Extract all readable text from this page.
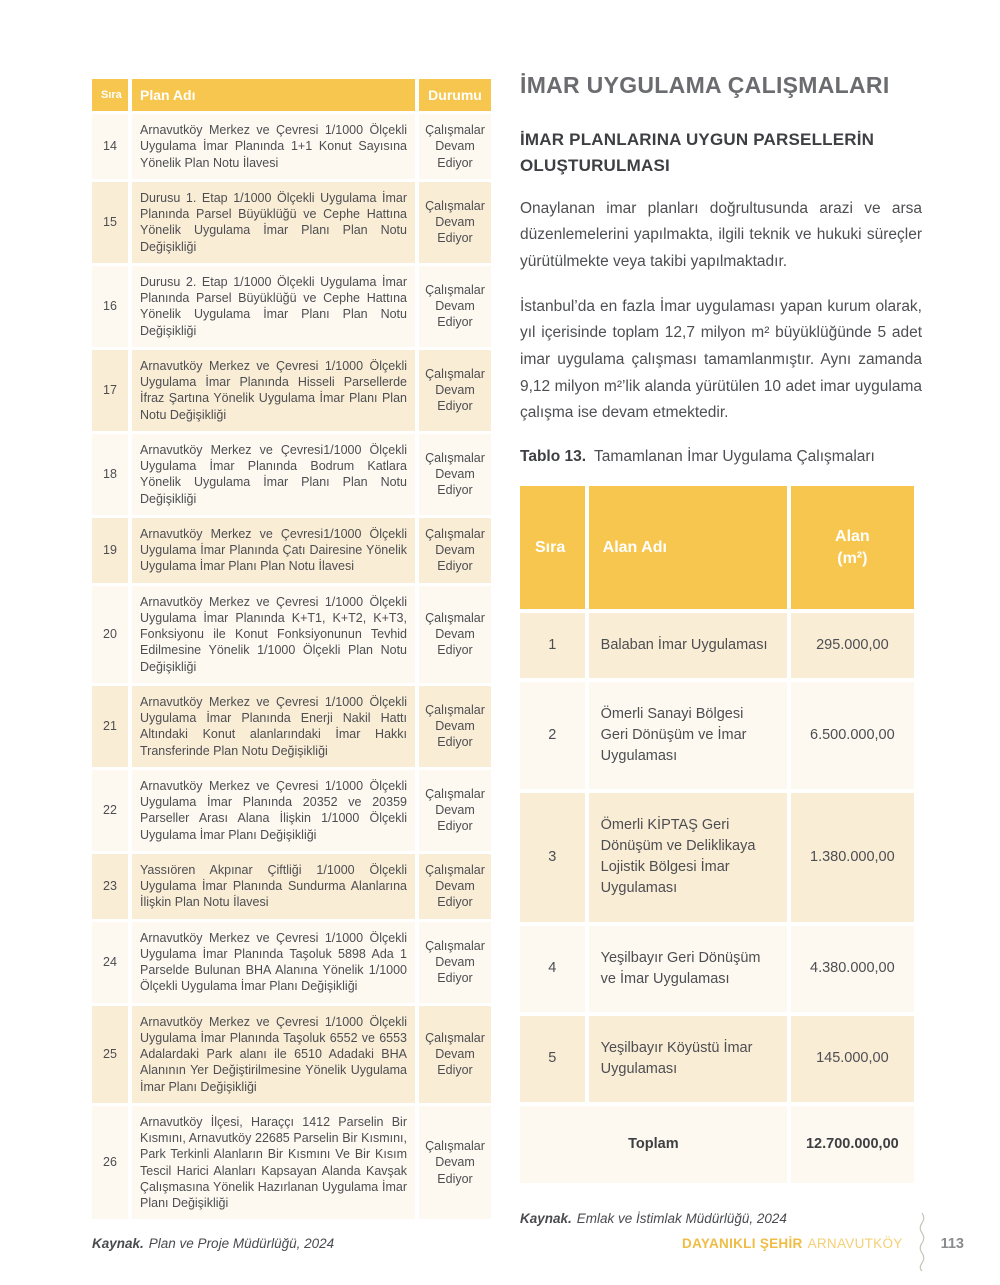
Sıra	Plan Adı	Durumu
14	Arnavutköy Merkez ve Çevresi 1/1000 Ölçekli Uygulama İmar Planında 1+1 Konut Sayısına Yönelik Plan Notu İlavesi	Çalışmalar Devam Ediyor
15	Durusu 1. Etap 1/1000 Ölçekli Uygulama İmar Planında Parsel Büyüklüğü ve Cephe Hattına Yönelik Uygulama İmar Planı Plan Notu Değişikliği	Çalışmalar Devam Ediyor
16	Durusu 2. Etap 1/1000 Ölçekli Uygulama İmar Planında Parsel Büyüklüğü ve Cephe Hattına Yönelik Uygulama İmar Planı Plan Notu Değişikliği	Çalışmalar Devam Ediyor
17	Arnavutköy Merkez ve Çevresi 1/1000 Ölçekli Uygulama İmar Planında Hisseli Parsellerde İfraz Şartına Yönelik Uygulama İmar Planı Plan Notu Değişikliği	Çalışmalar Devam Ediyor
18	Arnavutköy Merkez ve Çevresi1/1000 Ölçekli Uygulama İmar Planında Bodrum Katlara Yönelik Uygulama İmar Planı Plan Notu Değişikliği	Çalışmalar Devam Ediyor
19	Arnavutköy Merkez ve Çevresi1/1000 Ölçekli Uygulama İmar Planında Çatı Dairesine Yönelik Uygulama İmar Planı Plan Notu İlavesi	Çalışmalar Devam Ediyor
20	Arnavutköy Merkez ve Çevresi 1/1000 Ölçekli Uygulama İmar Planında K+T1, K+T2, K+T3, Fonksiyonu ile Konut Fonksiyonunun Tevhid Edilmesine Yönelik 1/1000 Ölçekli Plan Notu Değişikliği	Çalışmalar Devam Ediyor
21	Arnavutköy Merkez ve Çevresi 1/1000 Ölçekli Uygulama İmar Planında Enerji Nakil Hattı Altındaki Konut alanlarındaki İmar Hakkı Transferinde Plan Notu Değişikliği	Çalışmalar Devam Ediyor
22	Arnavutköy Merkez ve Çevresi 1/1000 Ölçekli Uygulama İmar Planında 20352 ve 20359 Parseller Arası Alana İlişkin 1/1000 Ölçekli Uygulama İmar Planı Değişikliği	Çalışmalar Devam Ediyor
23	Yassıören Akpınar Çiftliği 1/1000 Ölçekli Uygulama İmar Planında Sundurma Alanlarına İlişkin Plan Notu İlavesi	Çalışmalar Devam Ediyor
24	Arnavutköy Merkez ve Çevresi 1/1000 Ölçekli Uygulama İmar Planında Taşoluk 5898 Ada 1 Parselde Bulunan BHA Alanına Yönelik 1/1000 Ölçekli Uygulama İmar Planı Değişikliği	Çalışmalar Devam Ediyor
25	Arnavutköy Merkez ve Çevresi 1/1000 Ölçekli Uygulama İmar Planında Taşoluk 6552 ve 6553 Adalardaki Park alanı ile 6510 Adadaki BHA Alanının Yer Değiştirilmesine Yönelik Uygulama İmar Planı Değişikliği	Çalışmalar Devam Ediyor
26	Arnavutköy İlçesi, Haraççı 1412 Parselin Bir Kısmını, Arnavutköy 22685 Parselin Bir Kısmını, Park Terkinli Alanların Bir Kısmını Ve Bir Kısım Tescil Harici Alanları Kapsayan Alanda Kavşak Çalışmasına Yönelik Hazırlanan Uygulama İmar Planı Değişikliği	Çalışmalar Devam Ediyor

Kaynak. Plan ve Proje Müdürlüğü, 2024

İMAR UYGULAMA ÇALIŞMALARI
İMAR PLANLARINA UYGUN PARSELLERİN OLUŞTURULMASI

Onaylanan imar planları doğrultusunda arazi ve arsa düzenlemelerini yapılmakta, ilgili teknik ve hukuki süreçler yürütülmekte veya takibi yapılmaktadır.

İstanbul’da en fazla İmar uygulaması yapan kurum olarak, yıl içerisinde toplam 12,7 milyon m² büyüklüğünde 5 adet imar uygulama çalışması tamamlanmıştır. Aynı zamanda 9,12 milyon m²’lik alanda yürütülen 10 adet imar uygulama çalışma ise devam etmektedir.

Tablo 13. Tamamlanan İmar Uygulama Çalışmaları

Sıra	Alan Adı	Alan
(m²)
1	Balaban İmar Uygulaması	295.000,00
2	Ömerli Sanayi Bölgesi Geri Dönüşüm ve İmar Uygulaması	6.500.000,00
3	Ömerli KİPTAŞ Geri Dönüşüm ve Deliklikaya Lojistik Bölgesi İmar Uygulaması	1.380.000,00
4	Yeşilbayır Geri Dönüşüm ve İmar Uygulaması	4.380.000,00
5	Yeşilbayır Köyüstü İmar Uygulaması	145.000,00
Toplam		12.700.000,00

Kaynak. Emlak ve İstimlak Müdürlüğü, 2024

DAYANIKLI ŞEHİR ARNAVUTKÖY	113
